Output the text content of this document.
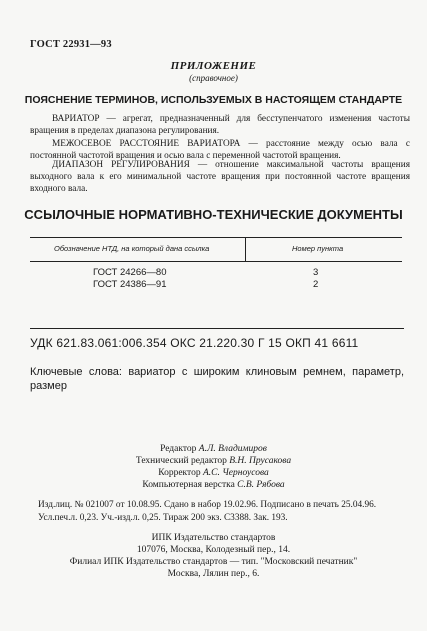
ГОСТ 22931—93
ПРИЛОЖЕНИЕ
(справочное)
ПОЯСНЕНИЕ ТЕРМИНОВ, ИСПОЛЬЗУЕМЫХ В НАСТОЯЩЕМ СТАНДАРТЕ
ВАРИАТОР — агрегат, предназначенный для бесступенчатого изменения частоты вращения в пределах диапазона регулирования.
МЕЖОСЕВОЕ РАССТОЯНИЕ ВАРИАТОРА — расстояние между осью вала с постоянной частотой вращения и осью вала с переменной частотой вращения.
ДИАПАЗОН РЕГУЛИРОВАНИЯ — отношение максимальной частоты вращения выходного вала к его минимальной частоте вращения при постоянной частоте вращения входного вала.
ССЫЛОЧНЫЕ НОРМАТИВНО-ТЕХНИЧЕСКИЕ ДОКУМЕНТЫ
Обозначение НТД, на который дана ссылка	Номер пункта
ГОСТ 24266—80	3
ГОСТ 24386—91	2
УДК 621.83.061:006.354 ОКС 21.220.30 Г 15 ОКП 41 6611
Ключевые слова: вариатор с широким клиновым ремнем, параметр, размер
Редактор А.Л. Владимиров
Технический редактор В.Н. Прусакова
Корректор А.С. Черноусова
Компьютерная верстка С.В. Рябова
Изд.лиц. № 021007 от 10.08.95. Сдано в набор 19.02.96. Подписано в печать 25.04.96.
Усл.печ.л. 0,23. Уч.-изд.л. 0,25. Тираж 200 экз. С3388. Зак. 193.
ИПК Издательство стандартов
107076, Москва, Колодезный пер., 14.
Филиал ИПК Издательство стандартов — тип. "Московский печатник"
Москва, Лялин пер., 6.
